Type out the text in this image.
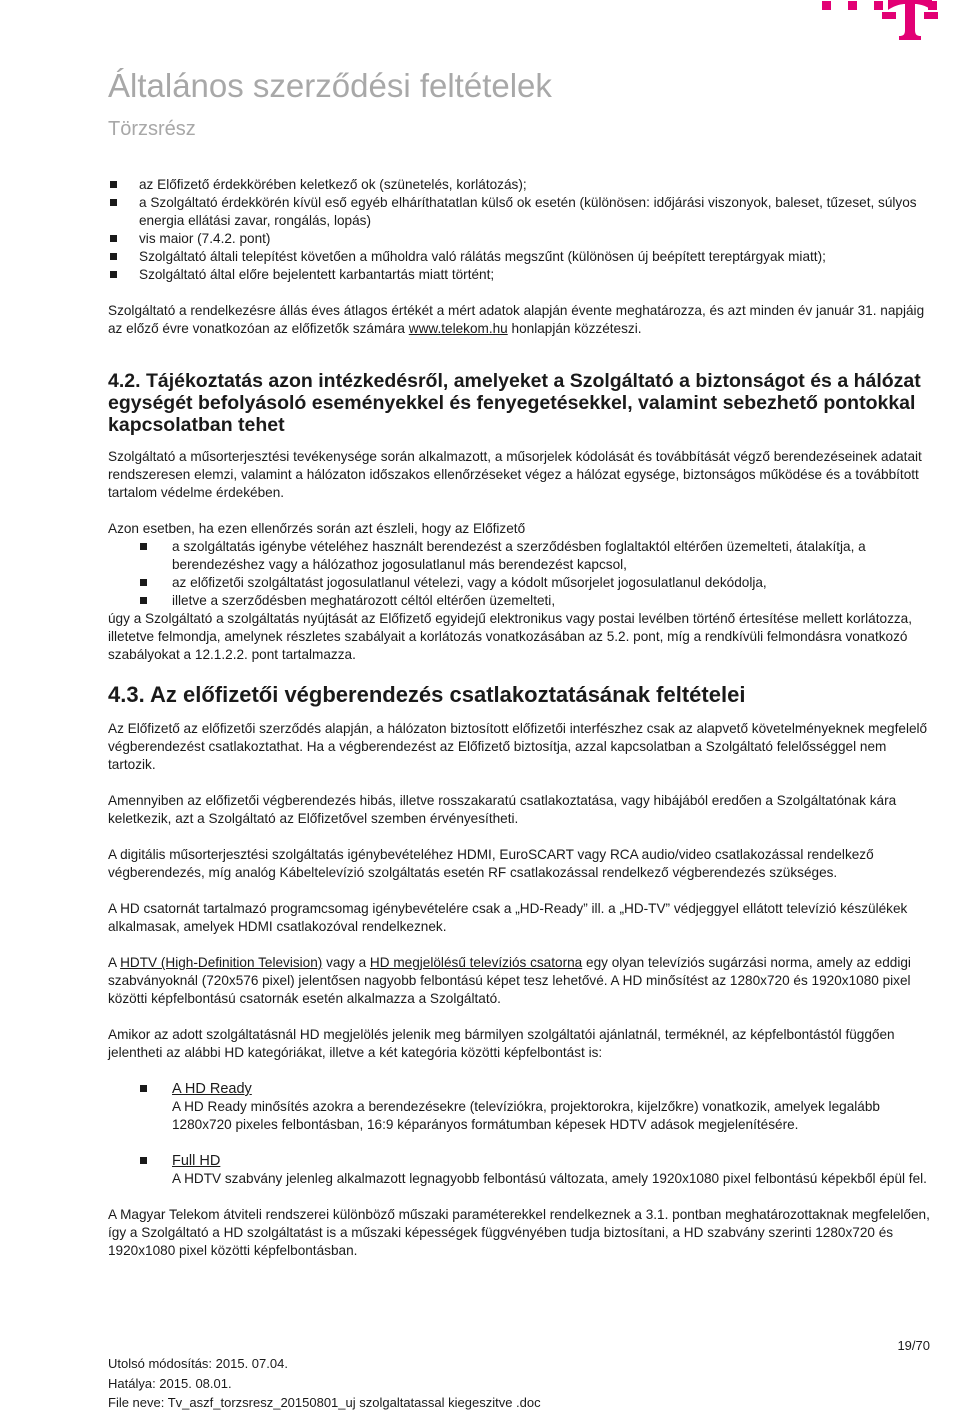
Általános szerződési feltételek
Törzsrész
az Előfizető érdekkörében keletkező ok (szünetelés, korlátozás);
a Szolgáltató érdekkörén kívül eső egyéb elháríthatatlan külső ok esetén (különösen: időjárási viszonyok, baleset, tűzeset, súlyos energia ellátási zavar, rongálás, lopás)
vis maior (7.4.2. pont)
Szolgáltató általi telepítést követően a műholdra való rálátás megszűnt (különösen új beépített tereptárgyak miatt);
Szolgáltató által előre bejelentett karbantartás miatt történt;

Szolgáltató a rendelkezésre állás éves átlagos értékét a mért adatok alapján évente meghatározza, és azt minden év január 31. napjáig az előző évre vonatkozóan az előfizetők számára www.telekom.hu honlapján közzéteszi.

4.2. Tájékoztatás azon intézkedésről, amelyeket a Szolgáltató a biztonságot és a hálózat egységét befolyásoló eseményekkel és fenyegetésekkel, valamint sebezhető pontokkal kapcsolatban tehet

Szolgáltató a műsorterjesztési tevékenysége során alkalmazott, a műsorjelek kódolását és továbbítását végző berendezéseinek adatait rendszeresen elemzi, valamint a hálózaton időszakos ellenőrzéseket végez a hálózat egysége, biztonságos működése és a továbbított tartalom védelme érdekében.

Azon esetben, ha ezen ellenőrzés során azt észleli, hogy az Előfizető

a szolgáltatás igénybe vételéhez használt berendezést a szerződésben foglaltaktól eltérően üzemelteti, átalakítja, a berendezéshez vagy a hálózathoz jogosulatlanul más berendezést kapcsol,
az előfizetői szolgáltatást jogosulatlanul vételezi, vagy a kódolt műsorjelet jogosulatlanul dekódolja,
illetve a szerződésben meghatározott céltól eltérően üzemelteti,

úgy a Szolgáltató a szolgáltatás nyújtását az Előfizető egyidejű elektronikus vagy postai levélben történő értesítése mellett korlátozza, illetetve felmondja, amelynek részletes szabályait a korlátozás vonatkozásában az 5.2. pont, míg a rendkívüli felmondásra vonatkozó szabályokat a 12.1.2.2. pont tartalmazza.

4.3. Az előfizetői végberendezés csatlakoztatásának feltételei

Az Előfizető az előfizetői szerződés alapján, a hálózaton biztosított előfizetői interfészhez csak az alapvető követelményeknek megfelelő végberendezést csatlakoztathat. Ha a végberendezést az Előfizető biztosítja, azzal kapcsolatban a Szolgáltató felelősséggel nem tartozik.

Amennyiben az előfizetői végberendezés hibás, illetve rosszakaratú csatlakoztatása, vagy hibájából eredően a Szolgáltatónak kára keletkezik, azt a Szolgáltató az Előfizetővel szemben érvényesítheti.

A digitális műsorterjesztési szolgáltatás igénybevételéhez HDMI, EuroSCART vagy RCA audio/video csatlakozással rendelkező végberendezés, míg analóg Kábeltelevízió szolgáltatás esetén RF csatlakozással rendelkező végberendezés szükséges.

A HD csatornát tartalmazó programcsomag igénybevételére csak a „HD-Ready” ill. a „HD-TV” védjeggyel ellátott televízió készülékek alkalmasak, amelyek HDMI csatlakozóval rendelkeznek.

A HDTV (High-Definition Television) vagy a HD megjelölésű televíziós csatorna egy olyan televíziós sugárzási norma, amely az eddigi szabványoknál (720x576 pixel) jelentősen nagyobb felbontású képet tesz lehetővé. A HD minősítést az 1280x720 és 1920x1080 pixel közötti képfelbontású csatornák esetén alkalmazza a Szolgáltató.

Amikor az adott szolgáltatásnál HD megjelölés jelenik meg bármilyen szolgáltatói ajánlatnál, terméknél, az képfelbontástól függően jelentheti az alábbi HD kategóriákat, illetve a két kategória közötti képfelbontást is:

A HD Ready
A HD Ready minősítés azokra a berendezésekre (televíziókra, projektorokra, kijelzőkre) vonatkozik, amelyek legalább 1280x720 pixeles felbontásban, 16:9 képarányos formátumban képesek HDTV adások megjelenítésére.
Full HD
A HDTV szabvány jelenleg alkalmazott legnagyobb felbontású változata, amely 1920x1080 pixel felbontású képekből épül fel.

A Magyar Telekom átviteli rendszerei különböző műszaki paraméterekkel rendelkeznek a 3.1. pontban meghatározottaknak megfelelően, így a Szolgáltató a HD szolgáltatást is a műszaki képességek függvényében tudja biztosítani, a HD szabvány szerinti 1280x720 és 1920x1080 pixel közötti képfelbontásban.

19/70
Utolsó módosítás: 2015. 07.04.
Hatálya: 2015. 08.01.
File neve: Tv_aszf_torzsresz_20150801_uj szolgaltatassal kiegeszitve .doc
